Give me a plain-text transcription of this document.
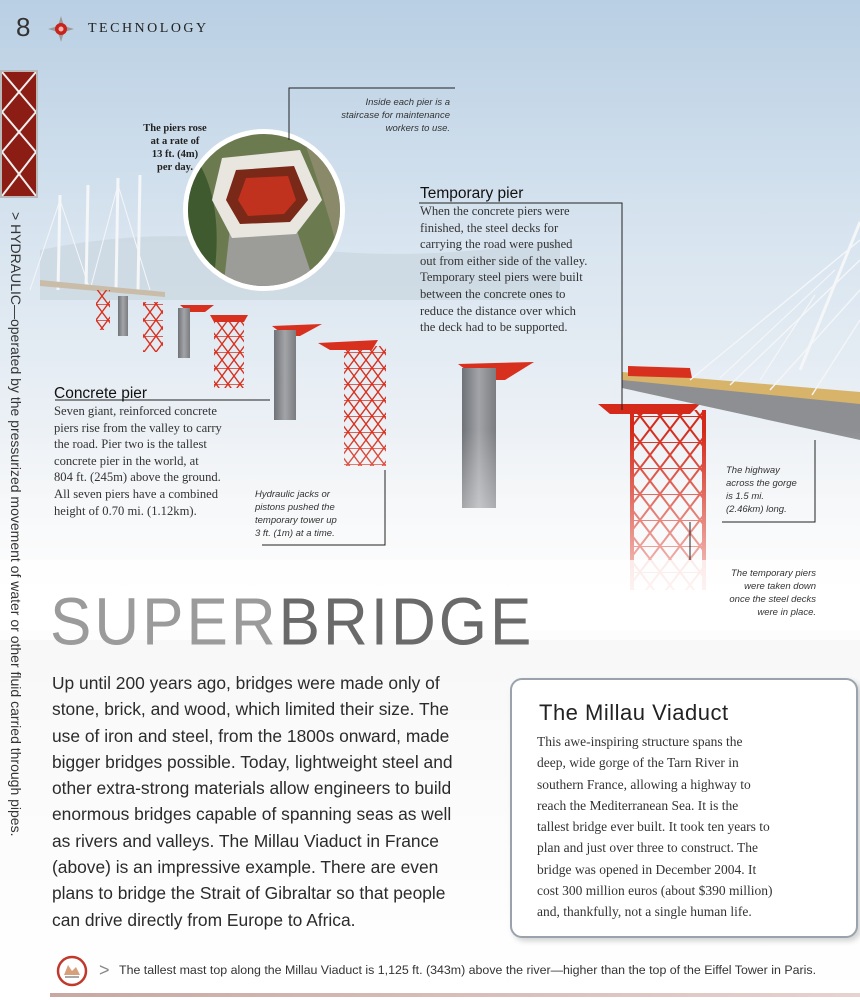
8	TECHNOLOGY
> HYDRAULIC—operated by the pressurized movement of water or other fluid carried through pipes.
The piers rose
at a rate of
13 ft. (4m)
per day.
Inside each pier is a
staircase for maintenance
workers to use.
Temporary pier
When the concrete piers were
finished, the steel decks for
carrying the road were pushed
out from either side of the valley.
Temporary steel piers were built
between the concrete ones to
reduce the distance over which
the deck had to be supported.
Concrete pier
Seven giant, reinforced concrete
piers rise from the valley to carry
the road. Pier two is the tallest
concrete pier in the world, at
804 ft. (245m) above the ground.
All seven piers have a combined
height of 0.70 mi. (1.12km).
Hydraulic jacks or
pistons pushed the
temporary tower up
3 ft. (1m) at a time.
The highway
across the gorge
is 1.5 mi.
(2.46km) long.
The temporary piers
were taken down
once the steel decks
were in place.
SUPERBRIDGE
Up until 200 years ago, bridges were made only of
stone, brick, and wood, which limited their size. The
use of iron and steel, from the 1800s onward, made
bigger bridges possible. Today, lightweight steel and
other extra-strong materials allow engineers to build
enormous bridges capable of spanning seas as well
as rivers and valleys. The Millau Viaduct in France
(above) is an impressive example. There are even
plans to bridge the Strait of Gibraltar so that people
can drive directly from Europe to Africa.
The Millau Viaduct
This awe-inspiring structure spans the
deep, wide gorge of the Tarn River in
southern France, allowing a highway to
reach the Mediterranean Sea. It is the
tallest bridge ever built. It took ten years to
plan and just over three to construct. The
bridge was opened in December 2004. It
cost 300 million euros (about $390 million)
and, thankfully, not a single human life.
> The tallest mast top along the Millau Viaduct is 1,125 ft. (343m) above the river—higher than the top of the Eiffel Tower in Paris.
